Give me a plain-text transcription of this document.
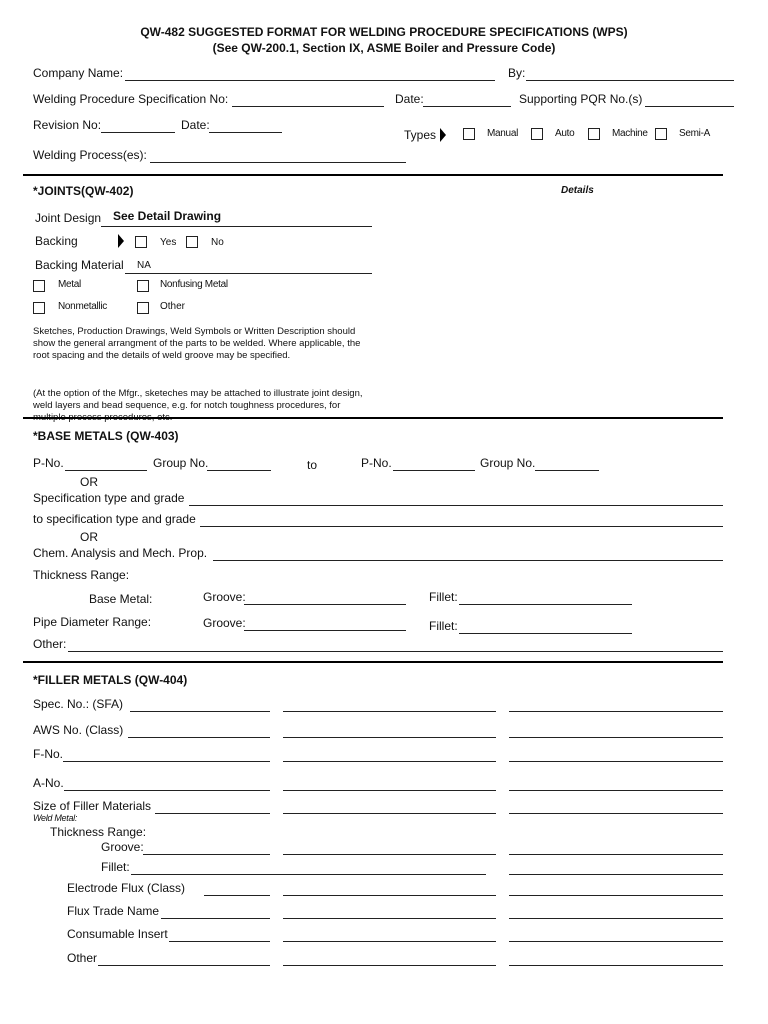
QW-482 SUGGESTED FORMAT FOR WELDING PROCEDURE SPECIFICATIONS (WPS)
(See QW-200.1, Section IX, ASME Boiler and Pressure Code)
Company Name:	By:
Welding Procedure Specification No:	Date:	Supporting PQR No.(s)
Revision No:	Date:
Types	Manual	Auto	Machine	Semi-A
Welding Process(es):
*JOINTS(QW-402)	Details
Joint Design See Detail Drawing
Backing	Yes	No
Backing Material NA
Metal	Nonfusing Metal
Nonmetallic	Other
Sketches, Production Drawings, Weld Symbols or Written Description should show the general arrangment of the parts to be welded. Where applicable, the root spacing and the details of weld groove may be specified.
(At the option of the Mfgr., sketeches may be attached to illustrate joint design, weld layers and bead sequence, e.g. for notch toughness procedures, for multiple process procedures, etc.
*BASE METALS (QW-403)
P-No.	Group No.	to	P-No.	Group No.
OR
Specification type and grade
to specification type and grade
OR
Chem. Analysis and Mech. Prop.
Thickness Range:
Base Metal:	Groove:	Fillet:
Pipe Diameter Range:	Groove:	Fillet:
Other:
*FILLER METALS (QW-404)
Spec. No.: (SFA)
AWS No. (Class)
F-No.
A-No.
Size of Filler Materials
Weld Metal:
Thickness Range:
Groove:
Fillet:
Electrode Flux (Class)
Flux Trade Name
Consumable Insert
Other
